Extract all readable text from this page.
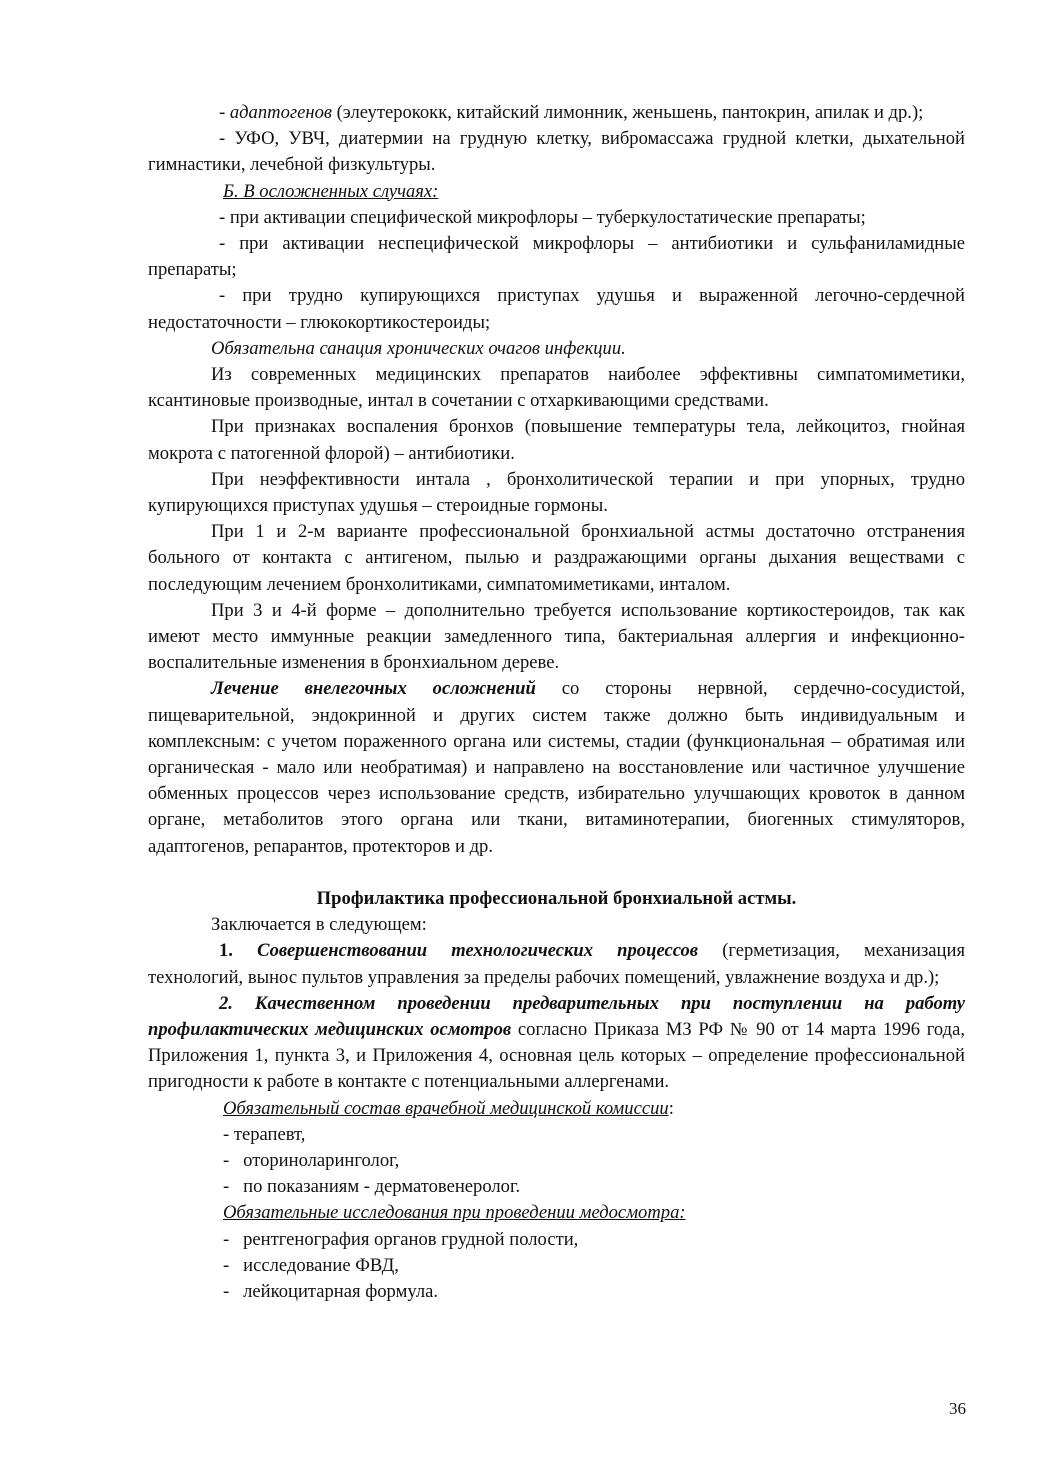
- адаптогенов (элеутерококк, китайский лимонник, женьшень, пантокрин, апилак и др.);

- УФО, УВЧ, диатермии на грудную клетку, вибромассажа грудной клетки, дыхательной гимнастики, лечебной физкультуры.

Б. В осложненных случаях:

- при активации специфической микрофлоры – туберкулостатические препараты;

- при активации неспецифической микрофлоры – антибиотики и сульфаниламидные препараты;

- при трудно купирующихся приступах удушья и выраженной легочно-сердечной недостаточности – глюкокортикостероиды;

Обязательна санация хронических очагов инфекции.

Из современных медицинских препаратов наиболее эффективны симпатомиметики, ксантиновые производные, интал в сочетании с отхаркивающими средствами.

При признаках воспаления бронхов (повышение температуры тела, лейкоцитоз, гнойная мокрота с патогенной флорой) – антибиотики.

При неэффективности интала , бронхолитической терапии и при упорных, трудно купирующихся приступах удушья – стероидные гормоны.

При 1 и 2-м варианте профессиональной бронхиальной астмы достаточно отстранения больного от контакта с антигеном, пылью и раздражающими органы дыхания веществами с последующим лечением бронхолитиками, симпатомиметиками, инталом.

При 3 и 4-й форме – дополнительно требуется использование кортикостероидов, так как имеют место иммунные реакции замедленного типа, бактериальная аллергия и инфекционно-воспалительные изменения в бронхиальном дереве.

Лечение внелегочных осложнений со стороны нервной, сердечно-сосудистой, пищеварительной, эндокринной и других систем также должно быть индивидуальным и комплексным: с учетом пораженного органа или системы, стадии (функциональная – обратимая или органическая - мало или необратимая) и направлено на восстановление или частичное улучшение обменных процессов через использование средств, избирательно улучшающих кровоток в данном органе, метаболитов этого органа или ткани, витаминотерапии, биогенных стимуляторов, адаптогенов, репарантов, протекторов и др.

Профилактика профессиональной бронхиальной астмы.

Заключается в следующем:

1. Совершенствовании технологических процессов (герметизация, механизация технологий, вынос пультов управления за пределы рабочих помещений, увлажнение воздуха и др.);

2. Качественном проведении предварительных при поступлении на работу профилактических медицинских осмотров согласно Приказа МЗ РФ № 90 от 14 марта 1996 года, Приложения 1, пункта 3, и Приложения 4, основная цель которых – определение профессиональной пригодности к работе в контакте с потенциальными аллергенами.

Обязательный состав врачебной медицинской комиссии:

- терапевт,

-   оториноларинголог,

-   по показаниям - дерматовенеролог.

Обязательные исследования при проведении медосмотра:

-   рентгенография органов грудной полости,

-   исследование ФВД,

-   лейкоцитарная формула.

36
